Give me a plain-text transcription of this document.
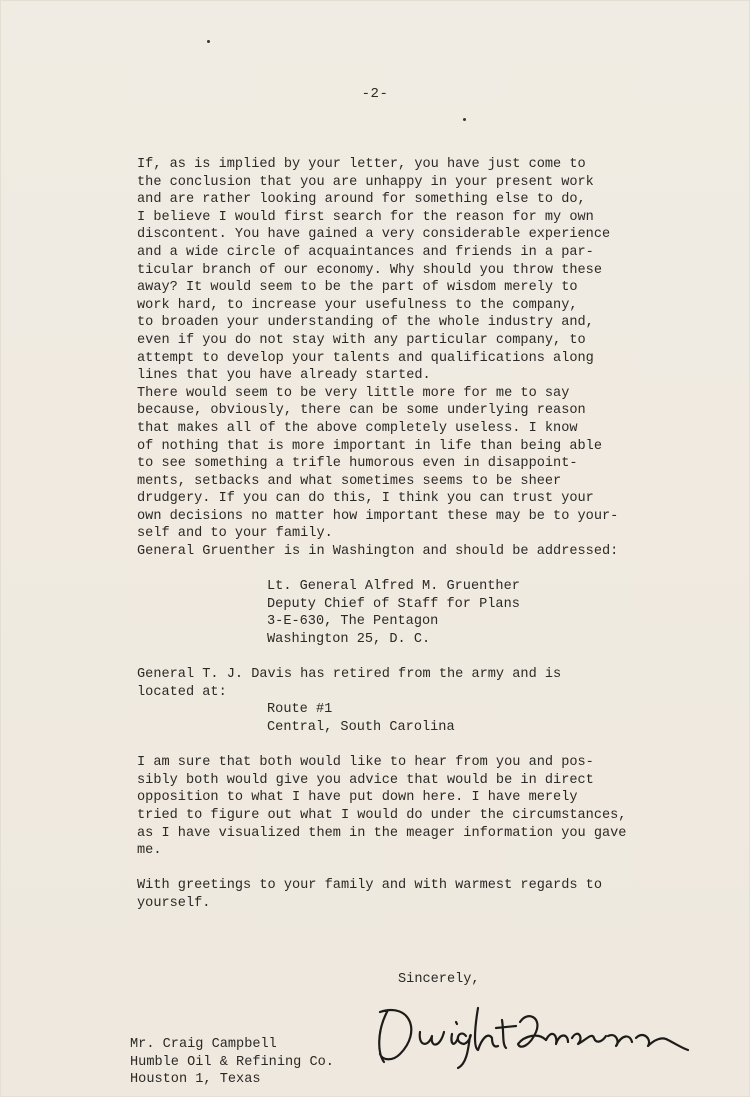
-2-

If, as is implied by your letter, you have just come to
the conclusion that you are unhappy in your present work
and are rather looking around for something else to do,
I believe I would first search for the reason for my own
discontent. You have gained a very considerable experience
and a wide circle of acquaintances and friends in a par-
ticular branch of our economy. Why should you throw these
away? It would seem to be the part of wisdom merely to
work hard, to increase your usefulness to the company,
to broaden your understanding of the whole industry and,
even if you do not stay with any particular company, to
attempt to develop your talents and qualifications along
lines that you have already started.

There would seem to be very little more for me to say
because, obviously, there can be some underlying reason
that makes all of the above completely useless. I know
of nothing that is more important in life than being able
to see something a trifle humorous even in disappoint-
ments, setbacks and what sometimes seems to be sheer
drudgery. If you can do this, I think you can trust your
own decisions no matter how important these may be to your-
self and to your family.

General Gruenther is in Washington and should be addressed:

Lt. General Alfred M. Gruenther
Deputy Chief of Staff for Plans
3-E-630, The Pentagon
Washington 25, D. C.

General T. J. Davis has retired from the army and is
located at:

Route #1
Central, South Carolina

I am sure that both would like to hear from you and pos-
sibly both would give you advice that would be in direct
opposition to what I have put down here. I have merely
tried to figure out what I would do under the circumstances,
as I have visualized them in the meager information you gave
me.

With greetings to your family and with warmest regards to
yourself.

Sincerely,
Mr. Craig Campbell
Humble Oil & Refining Co.
Houston 1, Texas
